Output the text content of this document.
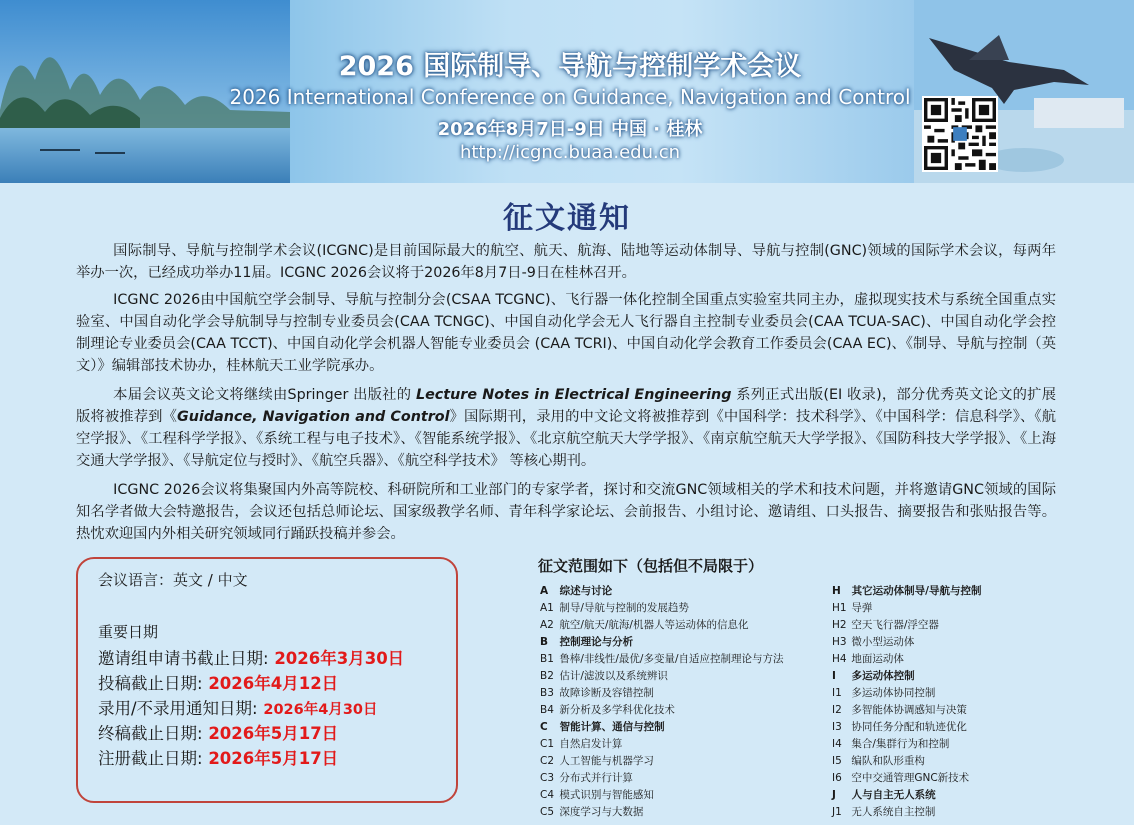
2026 国际制导、导航与控制学术会议
2026 International Conference on Guidance, Navigation and Control
2026年8月7日-9日 中国 · 桂林
http://icgnc.buaa.edu.cn
征文通知

国际制导、导航与控制学术会议(ICGNC)是目前国际最大的航空、航天、航海、陆地等运动体制导、导航与控制(GNC)领域的国际学术会议，每两年举办一次，已经成功举办11届。ICGNC 2026会议将于2026年8月7日-9日在桂林召开。

ICGNC 2026由中国航空学会制导、导航与控制分会(CSAA TCGNC)、飞行器一体化控制全国重点实验室共同主办，虚拟现实技术与系统全国重点实验室、中国自动化学会导航制导与控制专业委员会(CAA TCNGC)、中国自动化学会无人飞行器自主控制专业委员会(CAA TCUA-SAC)、中国自动化学会控制理论专业委员会(CAA TCCT)、中国自动化学会机器人智能专业委员会 (CAA TCRI)、中国自动化学会教育工作委员会(CAA EC)、《制导、导航与控制（英文）》编辑部技术协办，桂林航天工业学院承办。

本届会议英文论文将继续由Springer 出版社的 Lecture Notes in Electrical Engineering 系列正式出版(EI 收录)，部分优秀英文论文的扩展版将被推荐到《Guidance, Navigation and Control》国际期刊，录用的中文论文将被推荐到《中国科学：技术科学》、《中国科学：信息科学》、《航空学报》、《工程科学学报》、《系统工程与电子技术》、《智能系统学报》、《北京航空航天大学学报》、《南京航空航天大学学报》、《国防科技大学学报》、《上海交通大学学报》、《导航定位与授时》、《航空兵器》、《航空科学技术》 等核心期刊。

ICGNC 2026会议将集聚国内外高等院校、科研院所和工业部门的专家学者，探讨和交流GNC领域相关的学术和技术问题，并将邀请GNC领域的国际知名学者做大会特邀报告，会议还包括总师论坛、国家级教学名师、青年科学家论坛、会前报告、小组讨论、邀请组、口头报告、摘要报告和张贴报告等。热忱欢迎国内外相关研究领域同行踊跃投稿并参会。

会议语言：英文 / 中文
重要日期
邀请组申请书截止日期: 2026年3月30日
投稿截止日期: 2026年4月12日
录用/不录用通知日期: 2026年4月30日
终稿截止日期: 2026年5月17日
注册截止日期: 2026年5月17日
征文范围如下（包括但不局限于）
A 综述与讨论
A1 制导/导航与控制的发展趋势
A2 航空/航天/航海/机器人等运动体的信息化
B 控制理论与分析
B1 鲁棒/非线性/最优/多变量/自适应控制理论与方法
B2 估计/滤波以及系统辨识
B3 故障诊断及容错控制
B4 新分析及多学科优化技术
C 智能计算、通信与控制
C1 自然启发计算
C2 人工智能与机器学习
C3 分布式并行计算
C4 模式识别与智能感知
C5 深度学习与大数据
H 其它运动体制导/导航与控制
H1 导弹
H2 空天飞行器/浮空器
H3 微小型运动体
H4 地面运动体
I 多运动体控制
I1 多运动体协同控制
I2 多智能体协调感知与决策
I3 协同任务分配和轨迹优化
I4 集合/集群行为和控制
I5 编队和队形重构
I6 空中交通管理GNC新技术
J 人与自主无人系统
J1 无人系统自主控制
